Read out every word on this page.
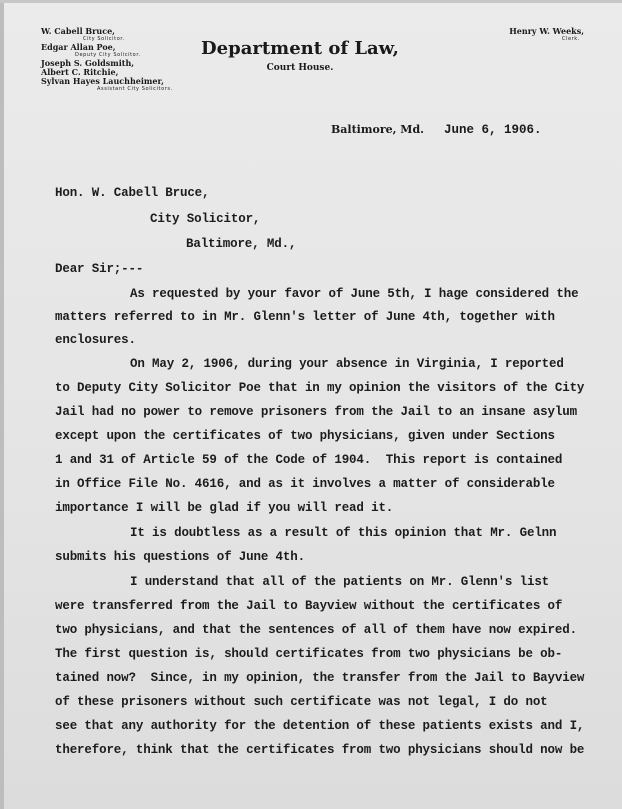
W. Cabell Bruce,
City Solicitor.
Edgar Allan Poe,
Deputy City Solicitor.
Joseph S. Goldsmith,
Albert C. Ritchie,
Sylvan Hayes Lauchheimer,
Assistant City Solicitors.
Department of Law,
Court House.
Henry W. Weeks,
Clerk.
Baltimore, Md. June 6, 1906.
Hon. W. Cabell Bruce,
City Solicitor,
Baltimore, Md.,
Dear Sir;---
As requested by your favor of June 5th, I hage considered the
matters referred to in Mr. Glenn's letter of June 4th, together with
enclosures.
On May 2, 1906, during your absence in Virginia, I reported
to Deputy City Solicitor Poe that in my opinion the visitors of the City
Jail had no power to remove prisoners from the Jail to an insane asylum
except upon the certificates of two physicians, given under Sections
1 and 31 of Article 59 of the Code of 1904.  This report is contained
in Office File No. 4616, and as it involves a matter of considerable
importance I will be glad if you will read it.
It is doubtless as a result of this opinion that Mr. Gelnn
submits his questions of June 4th.
I understand that all of the patients on Mr. Glenn's list
were transferred from the Jail to Bayview without the certificates of
two physicians, and that the sentences of all of them have now expired.
The first question is, should certificates from two physicians be ob-
tained now?  Since, in my opinion, the transfer from the Jail to Bayview
of these prisoners without such certificate was not legal, I do not
see that any authority for the detention of these patients exists and I,
therefore, think that the certificates from two physicians should now be
